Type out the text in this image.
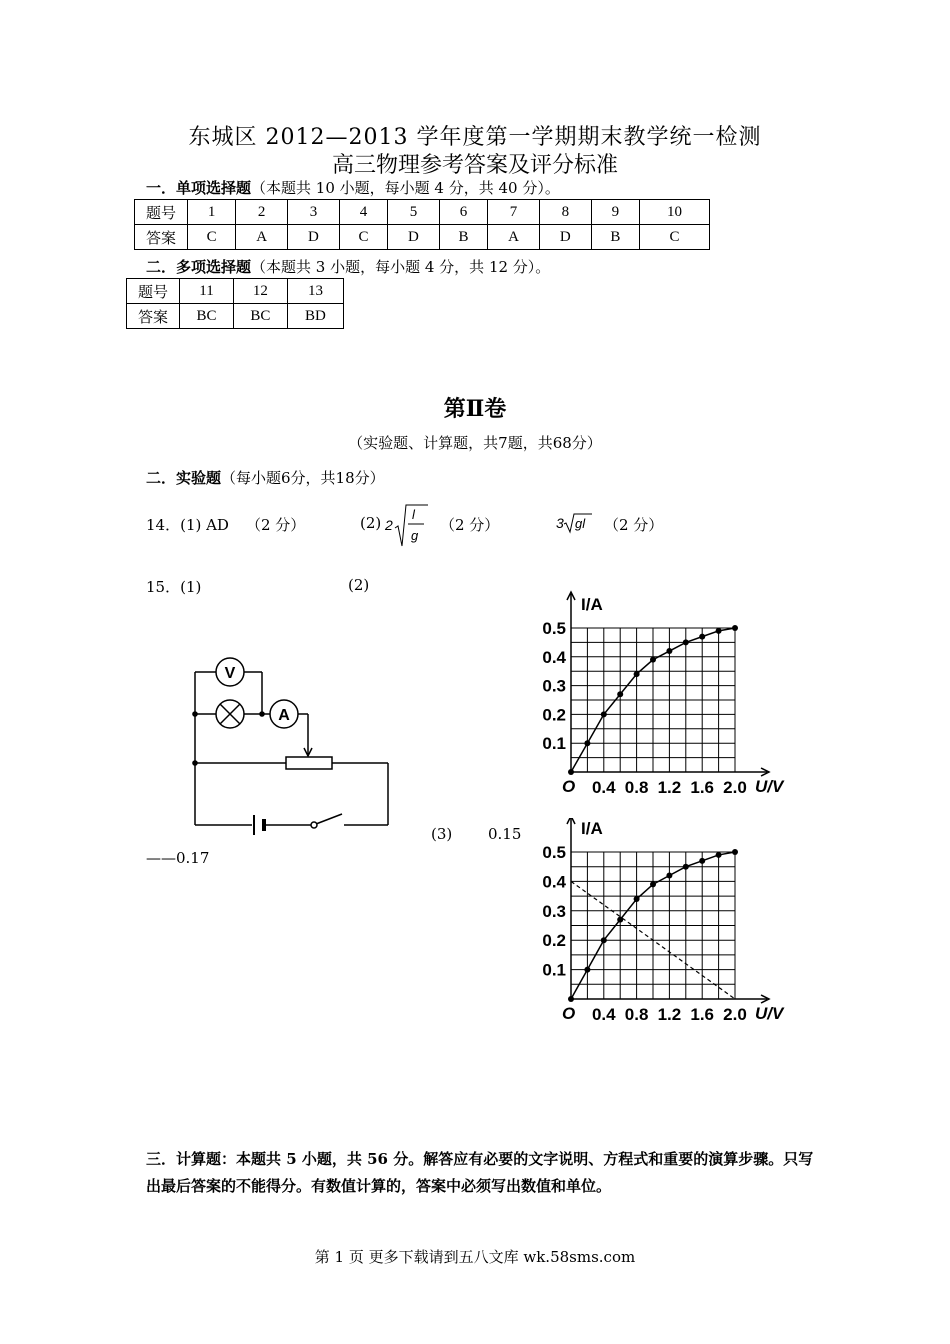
东城区 2012—2013 学年度第一学期期末教学统一检测
高三物理参考答案及评分标准
一．单项选择题（本题共 10 小题，每小题 4 分，共 40 分）。
题号	1	2	3	4	5	6	7	8	9	10
答案	C	A	D	C	D	B	A	D	B	C
二．多项选择题（本题共 3 小题，每小题 4 分，共 12 分）。
题号	11	12	13
答案	BC	BC	BD
第Ⅱ卷
（实验题、计算题，共7题，共68分）
二．实验题（每小题6分，共18分）
14．(1) AD （2 分）	(2) 2
l
g
（2 分）	3 gl （2 分）
15．(1)	(2)
(3) 0.15
——0.17
V
A
I/A
U/V
O
0.1
0.2
0.3
0.4
0.5
0.4 0.8 1.2 1.6 2.0
I/A
U/V
O
0.1
0.2
0.3
0.4
0.5
0.4 0.8 1.2 1.6 2.0
三．计算题：本题共 5 小题，共 56 分。解答应有必要的文字说明、方程式和重要的演算步骤。只写出最后答案的不能得分。有数值计算的，答案中必须写出数值和单位。
第 1 页 更多下载请到五八文库 wk.58sms.com
